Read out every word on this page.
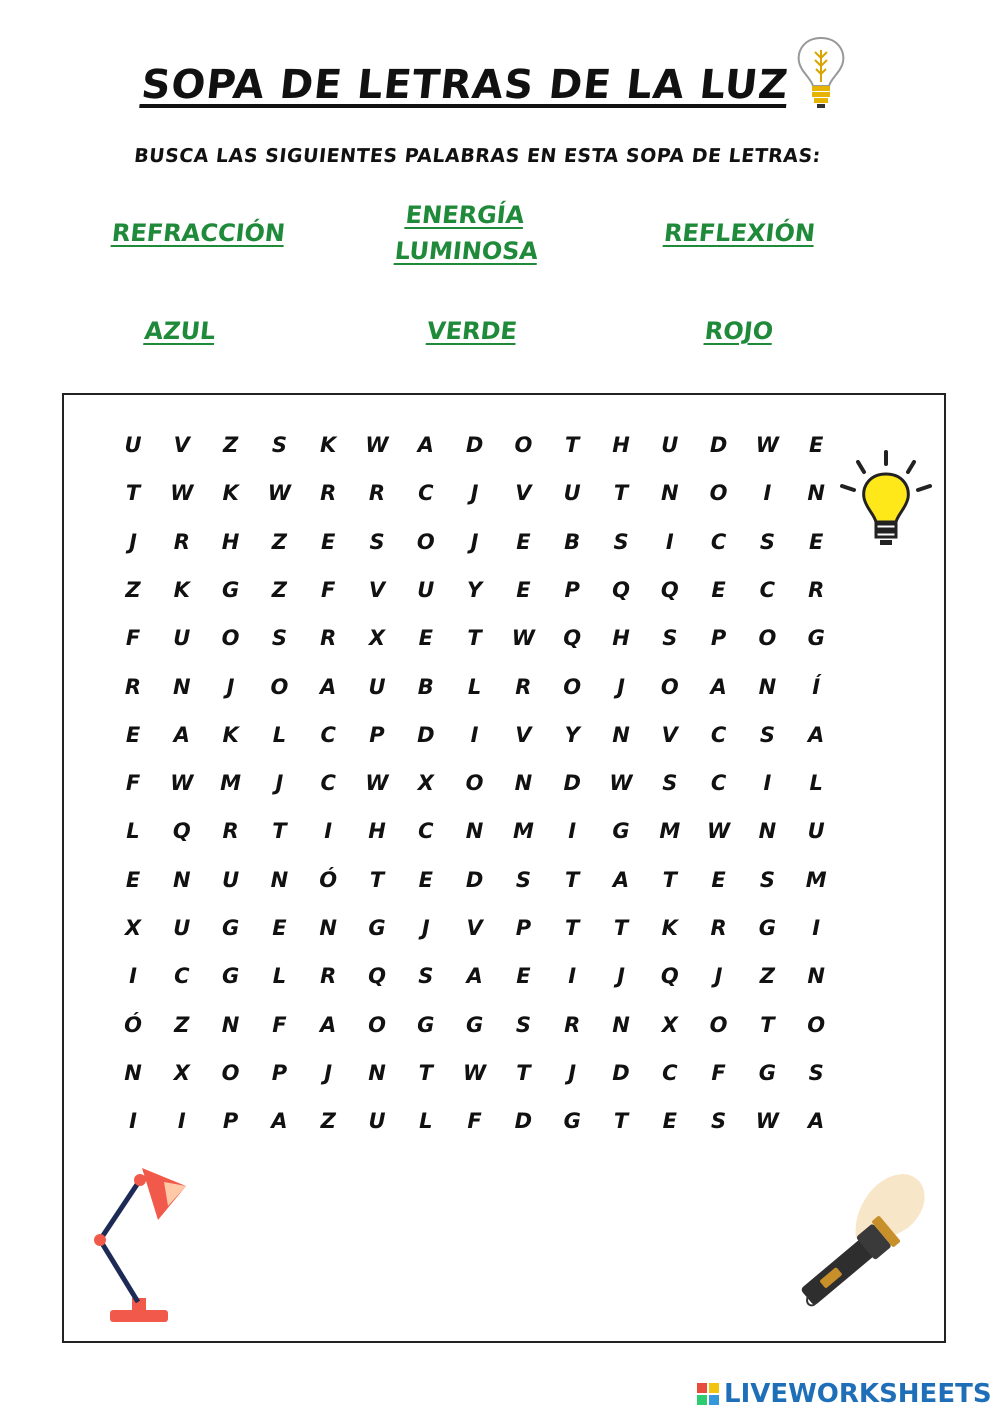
SOPA DE LETRAS DE LA LUZ
BUSCA LAS SIGUIENTES PALABRAS EN ESTA SOPA DE LETRAS:
REFRACCIÓN
ENERGÍA
LUMINOSA
REFLEXIÓN
AZUL	VERDE	ROJO
U	V	Z	S	K	W	A	D	O	T	H	U	D	W	E
T	W	K	W	R	R	C	J	V	U	T	N	O	I	N
J	R	H	Z	E	S	O	J	E	B	S	I	C	S	E
Z	K	G	Z	F	V	U	Y	E	P	Q	Q	E	C	R
F	U	O	S	R	X	E	T	W	Q	H	S	P	O	G
R	N	J	O	A	U	B	L	R	O	J	O	A	N	Í
E	A	K	L	C	P	D	I	V	Y	N	V	C	S	A
F	W	M	J	C	W	X	O	N	D	W	S	C	I	L
L	Q	R	T	I	H	C	N	M	I	G	M	W	N	U
E	N	U	N	Ó	T	E	D	S	T	A	T	E	S	M
X	U	G	E	N	G	J	V	P	T	T	K	R	G	I
I	C	G	L	R	Q	S	A	E	I	J	Q	J	Z	N
Ó	Z	N	F	A	O	G	G	S	R	N	X	O	T	O
N	X	O	P	J	N	T	W	T	J	D	C	F	G	S
I	I	P	A	Z	U	L	F	D	G	T	E	S	W	A
LIVEWORKSHEETS
